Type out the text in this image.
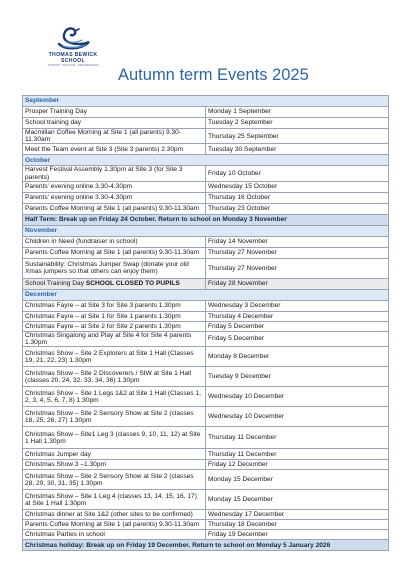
THOMAS BEWICK
SCHOOL
SUPPORT · PRACTICE · INDEPENDENCE
Autumn term Events 2025
September	
Prosper Training Day	Monday 1 September
School training day	Tuesday 2 September
Macmillan Coffee Morning at Site 1 (all parents) 9.30-11.30am	Thursday 25 September
Meet the Team event at Site 3 (Site 3 parents) 2.30pm	Tuesday 30 September
October	
Harvest Festival Assembly 1.30pm at Site 3 (for Site 3 parents)	Friday 10 October
Parents’ evening online 3.30-4.30pm	Wednesday 15 October
Parents’ evening online 3.30-4.30pm	Thursday 16 October
Parents Coffee Morning at Site 1 (all parents) 9.30-11.30am	Thursday 23 October
Half Term: Break up on Friday 24 October. Return to school on Monday 3 November	
November	
Children in Need (fundraiser in school)	Friday 14 November
Parents Coffee Morning at Site 1 (all parents) 9.30-11.30am	Thursday 27 November
Sustainability: Christmas Jumper Swap (donate your old Xmas jumpers so that others can enjoy them)	Thursday 27 November
School Training Day SCHOOL CLOSED TO PUPILS	Friday 28 November
December	
Christmas Fayre – at Site 3 for Site 3 parents 1.30pm	Wednesday 3 December
Christmas Fayre – at Site 1 for Site 1 parents 1.30pm	Thursday 4 December
Christmas Fayre – at Site 2 for Site 2 parents 1.30pm	Friday 5 December
Christmas Singalong and Play at Site 4 for Site 4 parents 1.30pm	Friday 5 December
Christmas Show – Site 2 Explorers at Site 1 Hall (Classes 19, 21, 22, 23) 1.30pm	Monday 8 December
Christmas Show – Site 2 Discoverers / SIW at Site 1 Hall (classes 20, 24, 32, 33, 34, 36) 1.30pm	Tuesday 9 December
Christmas Show – Site 1 Legs 1&2 at Site 1 Hall (Classes 1, 2, 3, 4, 5, 6, 7, 8) 1.30pm	Wednesday 10 December
Christmas Show – Site 2 Sensory Show at Site 2 (classes 18, 25, 26, 27) 1.30pm	Wednesday 10 December
Christmas Show – Site1 Leg 3 (classes 9, 10, 11, 12) at Site 1 Hall 1.30pm	Thursday 11 December
Christmas Jumper day	Thursday 11 December
Christmas Show 3 –1.30pm	Friday 12 December
Christmas Show – Site 2 Sensory Show at Site 2 (classes 28, 29, 30, 31, 35) 1.30pm	Monday 15 December
Christmas Show – Site 1 Leg 4 (classes 13, 14, 15, 16, 17) at Site 1 Hall 1.30pm	Monday 15 December
Christmas dinner at Site 1&2 (other sites to be confirmed)	Wednesday 17 December
Parents Coffee Morning at Site 1 (all parents) 9.30-11.30am	Thursday 18 December
Christmas Parties in school	Friday 19 December
Christmas holiday: Break up on Friday 19 December. Return to school on Monday 5 January 2026	
